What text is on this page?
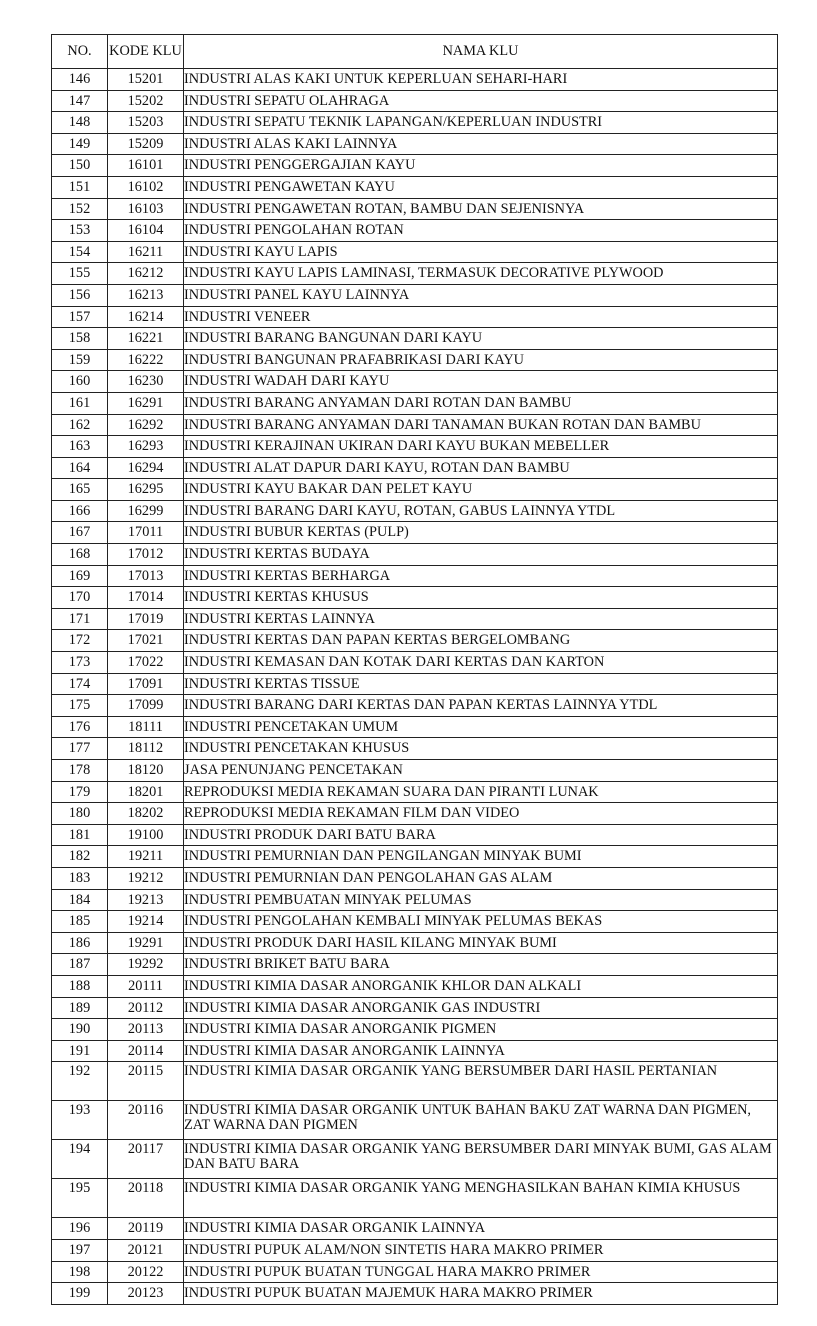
NO.	KODE KLU	NAMA KLU
146	15201	INDUSTRI ALAS KAKI UNTUK KEPERLUAN SEHARI-HARI
147	15202	INDUSTRI SEPATU OLAHRAGA
148	15203	INDUSTRI SEPATU TEKNIK LAPANGAN/KEPERLUAN INDUSTRI
149	15209	INDUSTRI ALAS KAKI LAINNYA
150	16101	INDUSTRI PENGGERGAJIAN KAYU
151	16102	INDUSTRI PENGAWETAN KAYU
152	16103	INDUSTRI PENGAWETAN ROTAN, BAMBU DAN SEJENISNYA
153	16104	INDUSTRI PENGOLAHAN ROTAN
154	16211	INDUSTRI KAYU LAPIS
155	16212	INDUSTRI KAYU LAPIS LAMINASI, TERMASUK DECORATIVE PLYWOOD
156	16213	INDUSTRI PANEL KAYU LAINNYA
157	16214	INDUSTRI VENEER
158	16221	INDUSTRI BARANG BANGUNAN DARI KAYU
159	16222	INDUSTRI BANGUNAN PRAFABRIKASI DARI KAYU
160	16230	INDUSTRI WADAH DARI KAYU
161	16291	INDUSTRI BARANG ANYAMAN DARI ROTAN DAN BAMBU
162	16292	INDUSTRI BARANG ANYAMAN DARI TANAMAN BUKAN ROTAN DAN BAMBU
163	16293	INDUSTRI KERAJINAN UKIRAN DARI KAYU BUKAN MEBELLER
164	16294	INDUSTRI ALAT DAPUR DARI KAYU, ROTAN DAN BAMBU
165	16295	INDUSTRI KAYU BAKAR DAN PELET KAYU
166	16299	INDUSTRI BARANG DARI KAYU, ROTAN, GABUS LAINNYA YTDL
167	17011	INDUSTRI BUBUR KERTAS (PULP)
168	17012	INDUSTRI KERTAS BUDAYA
169	17013	INDUSTRI KERTAS BERHARGA
170	17014	INDUSTRI KERTAS KHUSUS
171	17019	INDUSTRI KERTAS LAINNYA
172	17021	INDUSTRI KERTAS DAN PAPAN KERTAS BERGELOMBANG
173	17022	INDUSTRI KEMASAN DAN KOTAK DARI KERTAS DAN KARTON
174	17091	INDUSTRI KERTAS TISSUE
175	17099	INDUSTRI BARANG DARI KERTAS DAN PAPAN KERTAS LAINNYA YTDL
176	18111	INDUSTRI PENCETAKAN UMUM
177	18112	INDUSTRI PENCETAKAN KHUSUS
178	18120	JASA PENUNJANG PENCETAKAN
179	18201	REPRODUKSI MEDIA REKAMAN SUARA DAN PIRANTI LUNAK
180	18202	REPRODUKSI MEDIA REKAMAN FILM DAN VIDEO
181	19100	INDUSTRI PRODUK DARI BATU BARA
182	19211	INDUSTRI PEMURNIAN DAN PENGILANGAN MINYAK BUMI
183	19212	INDUSTRI PEMURNIAN DAN PENGOLAHAN GAS ALAM
184	19213	INDUSTRI PEMBUATAN MINYAK PELUMAS
185	19214	INDUSTRI PENGOLAHAN KEMBALI MINYAK PELUMAS BEKAS
186	19291	INDUSTRI PRODUK DARI HASIL KILANG MINYAK BUMI
187	19292	INDUSTRI BRIKET BATU BARA
188	20111	INDUSTRI KIMIA DASAR ANORGANIK KHLOR DAN ALKALI
189	20112	INDUSTRI KIMIA DASAR ANORGANIK GAS INDUSTRI
190	20113	INDUSTRI KIMIA DASAR ANORGANIK PIGMEN
191	20114	INDUSTRI KIMIA DASAR ANORGANIK LAINNYA
192	20115	INDUSTRI KIMIA DASAR ORGANIK YANG BERSUMBER DARI HASIL PERTANIAN
193	20116	INDUSTRI KIMIA DASAR ORGANIK UNTUK BAHAN BAKU ZAT WARNA DAN PIGMEN, ZAT WARNA DAN PIGMEN
194	20117	INDUSTRI KIMIA DASAR ORGANIK YANG BERSUMBER DARI MINYAK BUMI, GAS ALAM DAN BATU BARA
195	20118	INDUSTRI KIMIA DASAR ORGANIK YANG MENGHASILKAN BAHAN KIMIA KHUSUS
196	20119	INDUSTRI KIMIA DASAR ORGANIK LAINNYA
197	20121	INDUSTRI PUPUK ALAM/NON SINTETIS HARA MAKRO PRIMER
198	20122	INDUSTRI PUPUK BUATAN TUNGGAL HARA MAKRO PRIMER
199	20123	INDUSTRI PUPUK BUATAN MAJEMUK HARA MAKRO PRIMER
